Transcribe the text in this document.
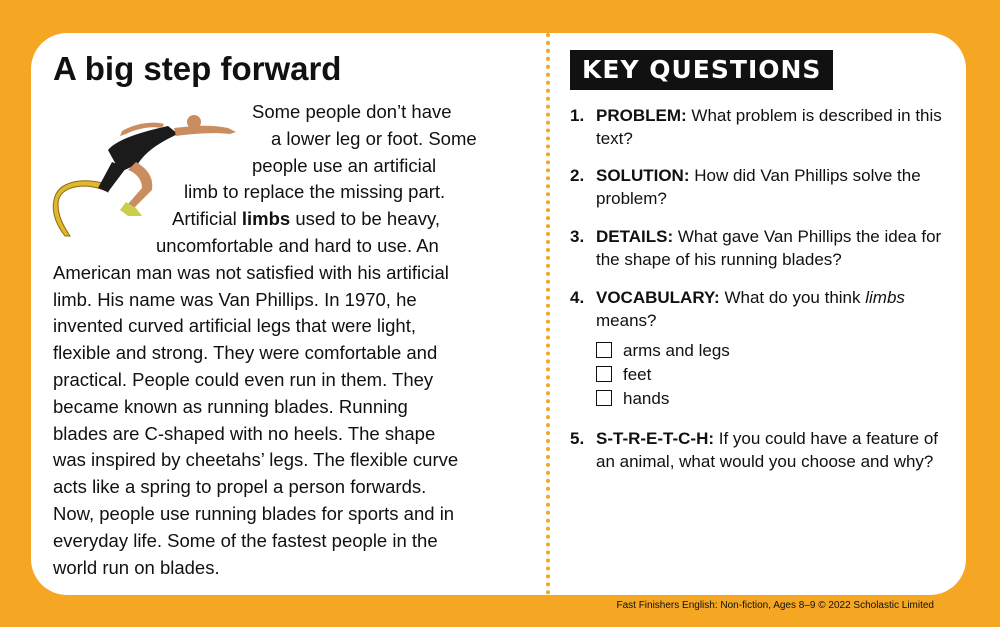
A big step forward
Some people don’t have
a lower leg or foot. Some
people use an artificial
limb to replace the missing part.
Artificial limbs used to be heavy,
uncomfortable and hard to use. An
American man was not satisfied with his artificial
limb. His name was Van Phillips. In 1970, he
invented curved artificial legs that were light,
flexible and strong. They were comfortable and
practical. People could even run in them. They
became known as running blades. Running
blades are C-shaped with no heels. The shape
was inspired by cheetahs’ legs. The flexible curve
acts like a spring to propel a person forwards.
Now, people use running blades for sports and in
everyday life. Some of the fastest people in the
world run on blades.
KEY QUESTIONS
1. PROBLEM: What problem is described in this text?
2. SOLUTION: How did Van Phillips solve the problem?
3. DETAILS: What gave Van Phillips the idea for the shape of his running blades?
4. VOCABULARY: What do you think limbs means?
arms and legs
feet
hands
5. S-T-R-E-T-C-H: If you could have a feature of an animal, what would you choose and why?
Fast Finishers English: Non-fiction, Ages 8–9 © 2022 Scholastic Limited
